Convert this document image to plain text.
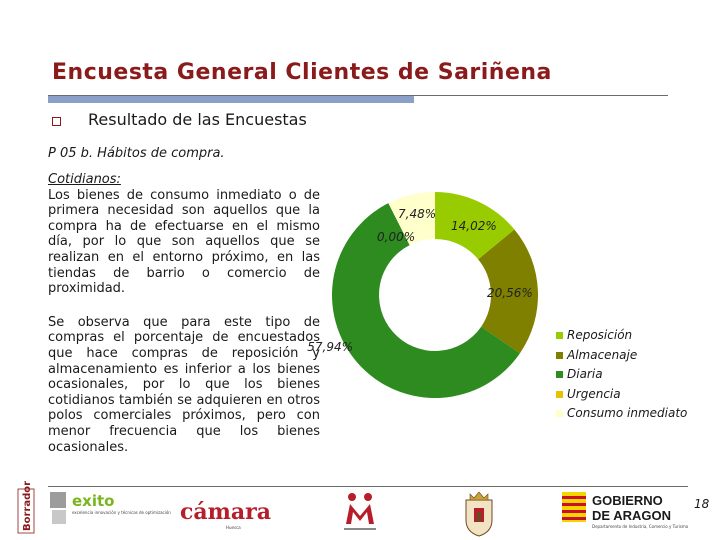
Encuesta General Clientes de Sariñena
Resultado de las Encuestas
P 05 b. Hábitos de compra.
Cotidianos:

Los bienes de consumo inmediato o de primera necesidad son aquellos que la compra ha de efectuarse en el mismo día, por lo que son aquellos que se realizan en el entorno próximo, en las tiendas de barrio o comercio de proximidad.

Se observa que para este tipo de compras el porcentaje de encuestados que hace compras de reposición y almacenamiento es inferior a los bienes ocasionales, por lo que los bienes cotidianos también se adquieren en otros polos comerciales próximos, pero con menor frecuencia que los bienes ocasionales.

14,02%
20,56%
57,94%
0,00%
7,48%
Reposición
Almacenaje
Diaria
Urgencia
Consumo inmediato
18
Borrador	exito
excelencia innovación y técnicas de optimización cámara
Huesca
GOBIERNO
DE ARAGON
Departamento de Industria, Comercio y Turismo
